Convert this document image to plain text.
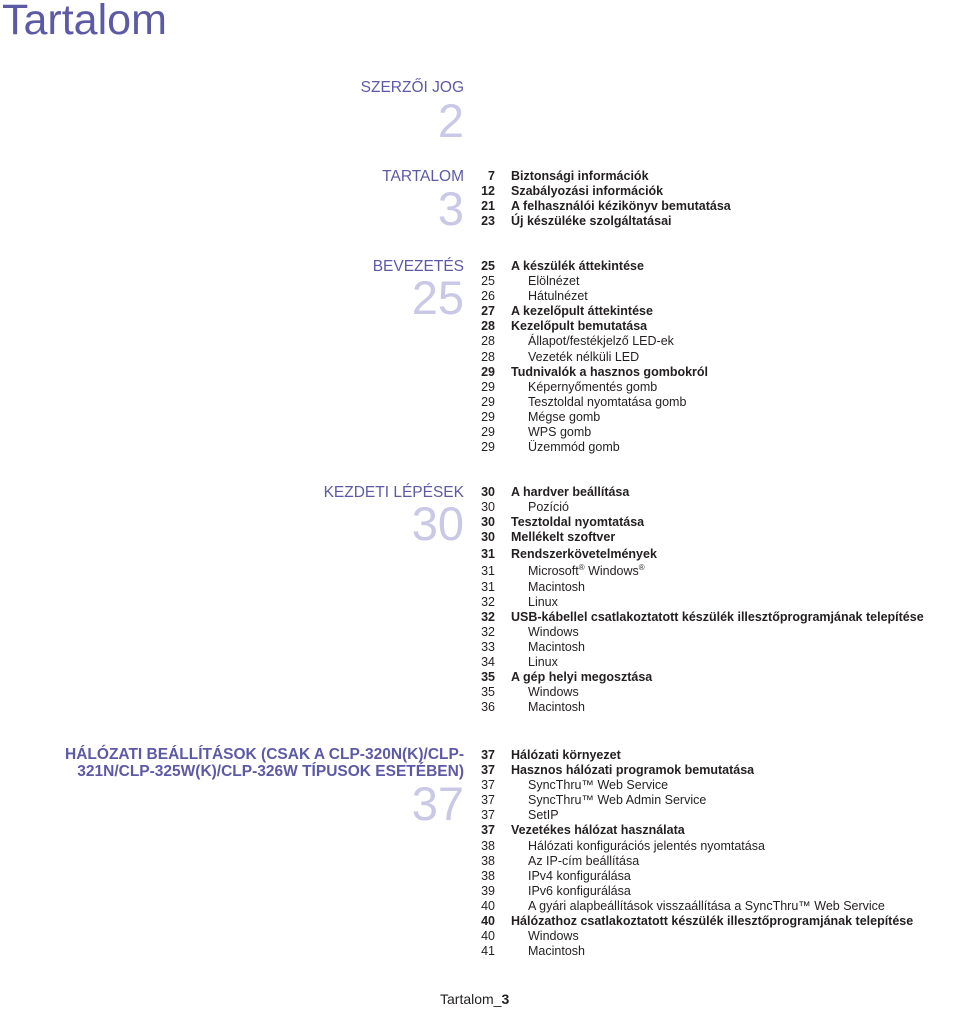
Tartalom
SZERZŐI JOG
2
TARTALOM
3
7 Biztonsági információk
12 Szabályozási információk
21 A felhasználói kézikönyv bemutatása
23 Új készüléke szolgáltatásai
BEVEZETÉS
25
25 A készülék áttekintése
25	Elölnézet
26	Hátulnézet
27 A kezelőpult áttekintése
28 Kezelőpult bemutatása
28	Állapot/festékjelző LED-ek
28	Vezeték nélküli LED
29 Tudnivalók a hasznos gombokról
29	Képernyőmentés gomb
29	Tesztoldal nyomtatása gomb
29	Mégse gomb
29	WPS gomb
29	Üzemmód gomb
KEZDETI LÉPÉSEK
30
30 A hardver beállítása
30	Pozíció
30 Tesztoldal nyomtatása
30 Mellékelt szoftver
31 Rendszerkövetelmények
31	Microsoft® Windows®
31	Macintosh
32	Linux
32 USB-kábellel csatlakoztatott készülék illesztőprogramjának telepítése
32	Windows
33	Macintosh
34	Linux
35 A gép helyi megosztása
35	Windows
36	Macintosh
HÁLÓZATI BEÁLLÍTÁSOK (CSAK A CLP-320N(K)/CLP-
321N/CLP-325W(K)/CLP-326W TÍPUSOK ESETÉBEN)
37
37 Hálózati környezet
37 Hasznos hálózati programok bemutatása
37	SyncThru™ Web Service
37	SyncThru™ Web Admin Service
37	SetIP
37 Vezetékes hálózat használata
38	Hálózati konfigurációs jelentés nyomtatása
38	Az IP-cím beállítása
38	IPv4 konfigurálása
39	IPv6 konfigurálása
40	A gyári alapbeállítások visszaállítása a SyncThru™ Web Service
40 Hálózathoz csatlakoztatott készülék illesztőprogramjának telepítése
40	Windows
41	Macintosh
Tartalom_3
